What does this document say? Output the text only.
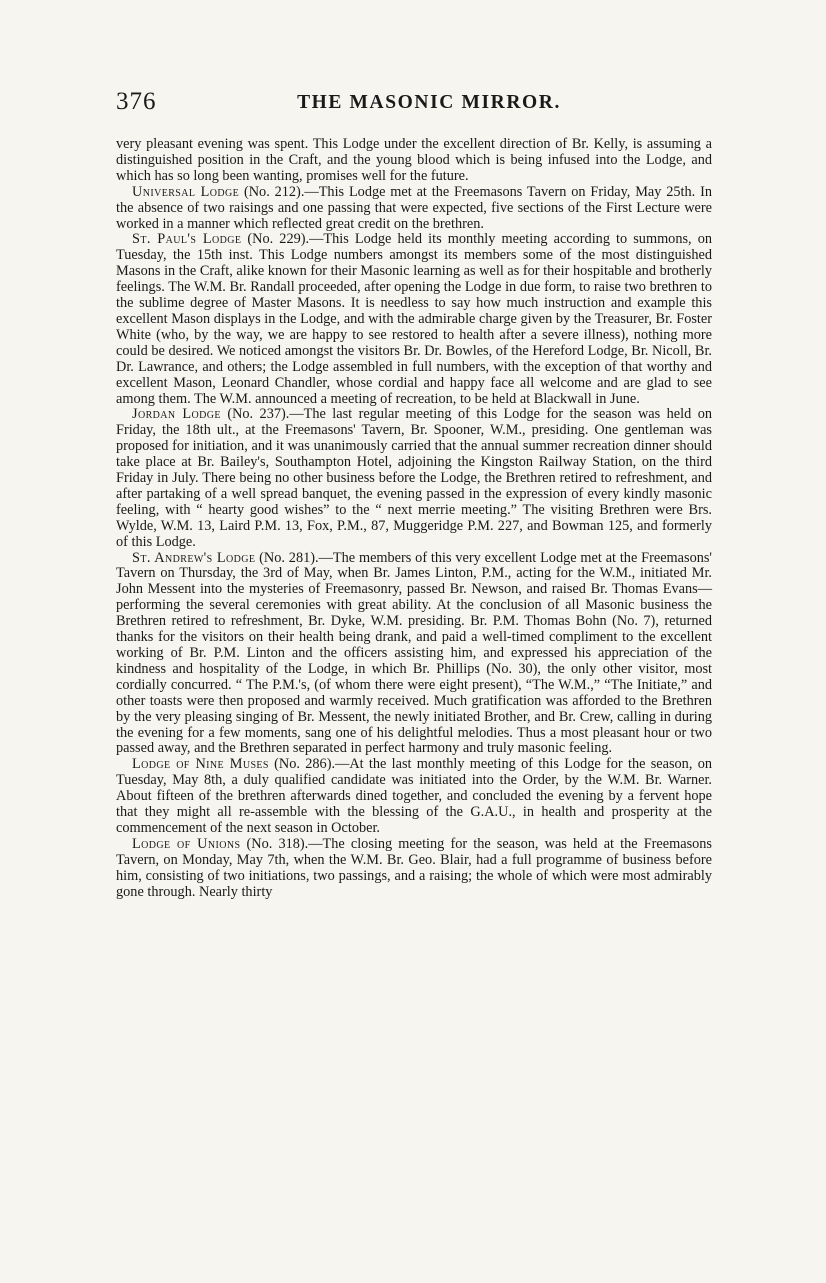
376	THE MASONIC MIRROR.

very pleasant evening was spent. This Lodge under the excellent direction of Br. Kelly, is assuming a distinguished position in the Craft, and the young blood which is being infused into the Lodge, and which has so long been wanting, promises well for the future.

Universal Lodge (No. 212).—This Lodge met at the Freemasons Tavern on Friday, May 25th. In the absence of two raisings and one passing that were expected, five sections of the First Lecture were worked in a manner which reflected great credit on the brethren.

St. Paul's Lodge (No. 229).—This Lodge held its monthly meeting according to summons, on Tuesday, the 15th inst. This Lodge numbers amongst its members some of the most distinguished Masons in the Craft, alike known for their Masonic learning as well as for their hospitable and brotherly feelings. The W.M. Br. Randall proceeded, after opening the Lodge in due form, to raise two brethren to the sublime degree of Master Masons. It is needless to say how much instruction and example this excellent Mason displays in the Lodge, and with the admirable charge given by the Treasurer, Br. Foster White (who, by the way, we are happy to see restored to health after a severe illness), nothing more could be desired. We noticed amongst the visitors Br. Dr. Bowles, of the Hereford Lodge, Br. Nicoll, Br. Dr. Lawrance, and others; the Lodge assembled in full numbers, with the exception of that worthy and excellent Mason, Leonard Chandler, whose cordial and happy face all welcome and are glad to see among them. The W.M. announced a meeting of recreation, to be held at Blackwall in June.

Jordan Lodge (No. 237).—The last regular meeting of this Lodge for the season was held on Friday, the 18th ult., at the Freemasons' Tavern, Br. Spooner, W.M., presiding. One gentleman was proposed for initiation, and it was unanimously carried that the annual summer recreation dinner should take place at Br. Bailey's, Southampton Hotel, adjoining the Kingston Railway Station, on the third Friday in July. There being no other business before the Lodge, the Brethren retired to refreshment, and after partaking of a well spread banquet, the evening passed in the expression of every kindly masonic feeling, with “ hearty good wishes” to the “ next merrie meeting.” The visiting Brethren were Brs. Wylde, W.M. 13, Laird P.M. 13, Fox, P.M., 87, Muggeridge P.M. 227, and Bowman 125, and formerly of this Lodge.

St. Andrew's Lodge (No. 281).—The members of this very excellent Lodge met at the Freemasons' Tavern on Thursday, the 3rd of May, when Br. James Linton, P.M., acting for the W.M., initiated Mr. John Messent into the mysteries of Freemasonry, passed Br. Newson, and raised Br. Thomas Evans—performing the several ceremonies with great ability. At the conclusion of all Masonic business the Brethren retired to refreshment, Br. Dyke, W.M. presiding. Br. P.M. Thomas Bohn (No. 7), returned thanks for the visitors on their health being drank, and paid a well-timed compliment to the excellent working of Br. P.M. Linton and the officers assisting him, and expressed his appreciation of the kindness and hospitality of the Lodge, in which Br. Phillips (No. 30), the only other visitor, most cordially concurred. “ The P.M.'s, (of whom there were eight present), “The W.M.,” “The Initiate,” and other toasts were then proposed and warmly received. Much gratification was afforded to the Brethren by the very pleasing singing of Br. Messent, the newly initiated Brother, and Br. Crew, calling in during the evening for a few moments, sang one of his delightful melodies. Thus a most pleasant hour or two passed away, and the Brethren separated in perfect harmony and truly masonic feeling.

Lodge of Nine Muses (No. 286).—At the last monthly meeting of this Lodge for the season, on Tuesday, May 8th, a duly qualified candidate was initiated into the Order, by the W.M. Br. Warner. About fifteen of the brethren afterwards dined together, and concluded the evening by a fervent hope that they might all re-assemble with the blessing of the G.A.U., in health and prosperity at the commencement of the next season in October.

Lodge of Unions (No. 318).—The closing meeting for the season, was held at the Freemasons Tavern, on Monday, May 7th, when the W.M. Br. Geo. Blair, had a full programme of business before him, consisting of two initiations, two passings, and a raising; the whole of which were most admirably gone through. Nearly thirty
